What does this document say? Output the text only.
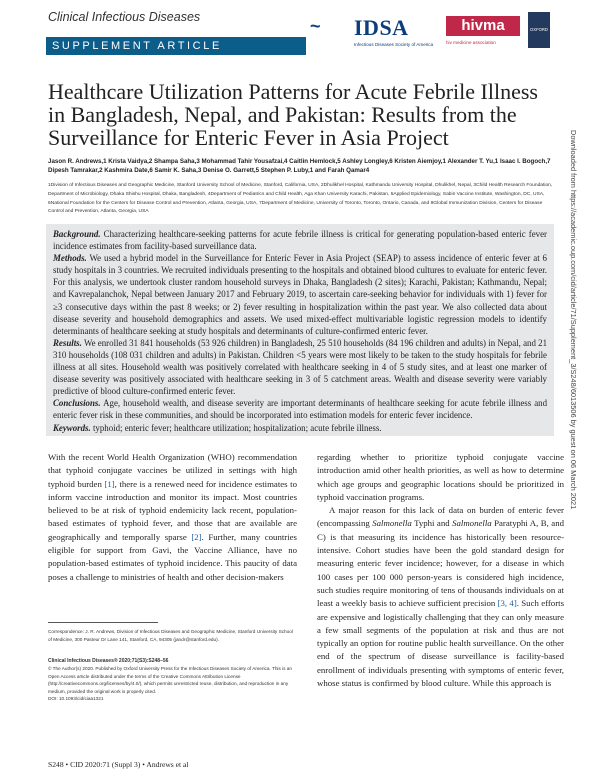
Clinical Infectious Diseases
SUPPLEMENT ARTICLE
~ IDSA
Infectious Diseases Society of America
hivma
hiv medicine association
OXFORD
Healthcare Utilization Patterns for Acute Febrile Illness in Bangladesh, Nepal, and Pakistan: Results from the Surveillance for Enteric Fever in Asia Project
Jason R. Andrews,1 Krista Vaidya,2 Shampa Saha,3 Mohammad Tahir Yousafzai,4 Caitlin Hemlock,5 Ashley Longley,6 Kristen Aiemjoy,1 Alexander T. Yu,1 Isaac I. Bogoch,7 Dipesh Tamrakar,2 Kashmira Date,6 Samir K. Saha,3 Denise O. Garrett,5 Stephen P. Luby,1 and Farah Qamar4
1Division of Infectious Diseases and Geographic Medicine, Stanford University School of Medicine, Stanford, California, USA, 2Dhulikhel Hospital, Kathmandu University Hospital, Dhulikhel, Nepal, 3Child Health Research Foundation, Department of Microbiology, Dhaka Shishu Hospital, Dhaka, Bangladesh, 4Department of Pediatrics and Child Health, Aga Khan University Karachi, Pakistan, 5Applied Epidemiology, Sabin Vaccine Institute, Washington, DC, USA, 6National Foundation for the Centers for Disease Control and Prevention, Atlanta, Georgia, USA, 7Department of Medicine, University of Toronto, Toronto, Ontario, Canada, and 8Global Immunization Division, Centers for Disease Control and Prevention, Atlanta, Georgia, USA

Background. Characterizing healthcare-seeking patterns for acute febrile illness is critical for generating population-based enteric fever incidence estimates from facility-based surveillance data.

Methods. We used a hybrid model in the Surveillance for Enteric Fever in Asia Project (SEAP) to assess incidence of enteric fever at 6 study hospitals in 3 countries. We recruited individuals presenting to the hospitals and obtained blood cultures to evaluate for enteric fever. For this analysis, we undertook cluster random household surveys in Dhaka, Bangladesh (2 sites); Karachi, Pakistan; Kathmandu, Nepal; and Kavrepalanchok, Nepal between January 2017 and February 2019, to ascertain care-seeking behavior for individuals with 1) fever for ≥3 consecutive days within the past 8 weeks; or 2) fever resulting in hospitalization within the past year. We also collected data about disease severity and household demographics and assets. We used mixed-effect multivariable logistic regression models to identify determinants of healthcare seeking at study hospitals and determinants of culture-confirmed enteric fever.

Results. We enrolled 31 841 households (53 926 children) in Bangladesh, 25 510 households (84 196 children and adults) in Nepal, and 21 310 households (108 031 children and adults) in Pakistan. Children <5 years were most likely to be taken to the study hospitals for febrile illness at all sites. Household wealth was positively correlated with healthcare seeking in 4 of 5 study sites, and at least one marker of disease severity was positively associated with healthcare seeking in 3 of 5 catchment areas. Wealth and disease severity were variably predictive of blood culture-confirmed enteric fever.

Conclusions. Age, household wealth, and disease severity are important determinants of healthcare seeking for acute febrile illness and enteric fever risk in these communities, and should be incorporated into estimation models for enteric fever incidence.

Keywords. typhoid; enteric fever; healthcare utilization; hospitalization; acute febrile illness.

With the recent World Health Organization (WHO) recommendation that typhoid conjugate vaccines be utilized in settings with high typhoid burden [1], there is a renewed need for incidence estimates to inform vaccine introduction and monitor its impact. Most countries believed to be at risk of typhoid endemicity lack recent, population-based estimates of typhoid fever, and those that are available are geographically and temporally sparse [2]. Further, many countries eligible for support from Gavi, the Vaccine Alliance, have no population-based estimates of typhoid incidence. This paucity of data poses a challenge to ministries of health and other decision-makers

regarding whether to prioritize typhoid conjugate vaccine introduction amid other health priorities, as well as how to determine which age groups and geographic locations should be prioritized in typhoid vaccination programs.

A major reason for this lack of data on burden of enteric fever (encompassing Salmonella Typhi and Salmonella Paratyphi A, B, and C) is that measuring its incidence has historically been resource-intensive. Cohort studies have been the gold standard design for measuring enteric fever incidence; however, for a disease in which 100 cases per 100 000 person-years is considered high incidence, such studies require monitoring of tens of thousands individuals on at least a weekly basis to achieve sufficient precision [3, 4]. Such efforts are expensive and logistically challenging that they can only measure a few small segments of the population at risk and thus are not typically an option for routine public health surveillance. On the other end of the spectrum of disease surveillance is facility-based enrollment of individuals presenting with symptoms of enteric fever, whose status is confirmed by blood culture. While this approach is

Correspondence: J. R. Andrews, Division of Infectious Diseases and Geographic Medicine, Stanford University School of Medicine, 300 Pasteur Dr Lane 141, Stanford, CA, 94305 (jandr@stanford.edu).
Clinical Infectious Diseases® 2020;71(S3):S248–56
© The Author(s) 2020. Published by Oxford University Press for the Infectious Diseases Society of America. This is an Open Access article distributed under the terms of the Creative Commons Attribution License (http://creativecommons.org/licenses/by/4.0/), which permits unrestricted reuse, distribution, and reproduction in any medium, provided the original work is properly cited.
DOI: 10.1093/cid/ciaa1321
S248 • CID 2020:71 (Suppl 3) • Andrews et al
Downloaded from https://academic.oup.com/cid/article/71/Supplement_3/S248/6013506 by guest on 06 March 2021
